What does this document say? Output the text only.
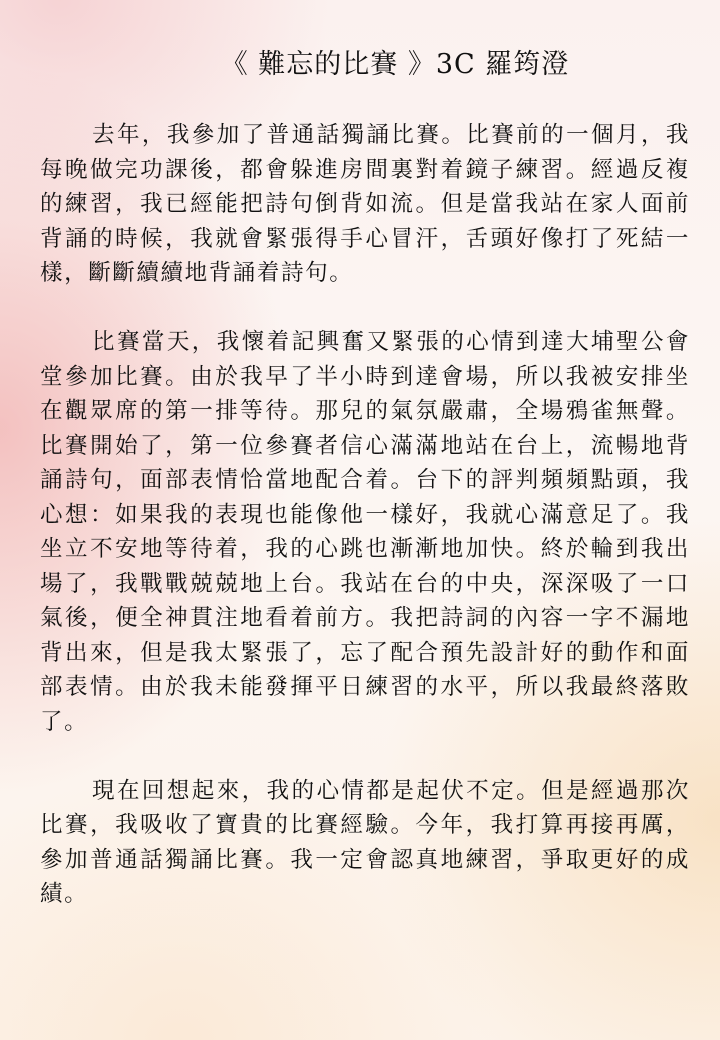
《 難忘的比賽 》3C 羅筠澄

去年，我參加了普通話獨誦比賽。比賽前的一個月，我每晚做完功課後，都會躲進房間裏對着鏡子練習。經過反複的練習，我已經能把詩句倒背如流。但是當我站在家人面前背誦的時候，我就會緊張得手心冒汗，舌頭好像打了死結一樣，斷斷續續地背誦着詩句。

比賽當天，我懷着記興奮又緊張的心情到達大埔聖公會堂參加比賽。由於我早了半小時到達會場，所以我被安排坐在觀眾席的第一排等待。那兒的氣氛嚴肅，全場鴉雀無聲。比賽開始了，第一位參賽者信心滿滿地站在台上，流暢地背誦詩句，面部表情恰當地配合着。台下的評判頻頻點頭，我心想：如果我的表現也能像他一樣好，我就心滿意足了。我坐立不安地等待着，我的心跳也漸漸地加快。終於輪到我出場了，我戰戰兢兢地上台。我站在台的中央，深深吸了一口氣後，便全神貫注地看着前方。我把詩詞的內容一字不漏地背出來，但是我太緊張了，忘了配合預先設計好的動作和面部表情。由於我未能發揮平日練習的水平，所以我最終落敗了。

現在回想起來，我的心情都是起伏不定。但是經過那次比賽，我吸收了寶貴的比賽經驗。今年，我打算再接再厲，參加普通話獨誦比賽。我一定會認真地練習，爭取更好的成績。
